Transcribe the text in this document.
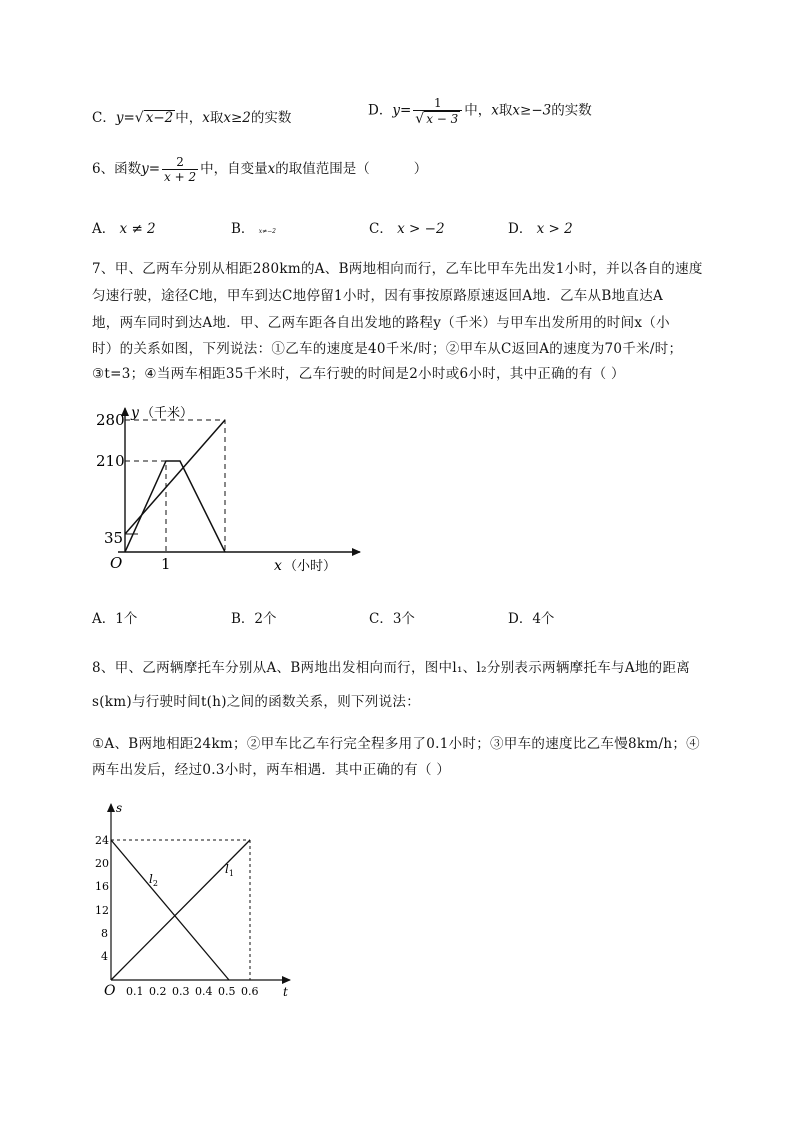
C．y=√ x−2 中，x取x≥2的实数	D．$y= \frac{1}{√ x - 3}$ 中，x取x≥−3的实数
6、函数$y= \frac{2}{x + 2}$ 中，自变量x的取值范围是（	）
A． x ≠ 2	B． x≠−2	C． x > −2	D． x > 2
7、甲、乙两车分别从相距280km的A、B两地相向而行，乙车比甲车先出发1小时，并以各自的速度
匀速行驶，途径C地，甲车到达C地停留1小时，因有事按原路原速返回A地．乙车从B地直达A
地，两车同时到达A地．甲、乙两车距各自出发地的路程y（千米）与甲车出发所用的时间x（小
时）的关系如图，下列说法：①乙车的速度是40千米/时；②甲车从C返回A的速度为70千米/时；
③t=3；④当两车相距35千米时，乙车行驶的时间是2小时或6小时，其中正确的有（ ）
280
210
35
O	1
y （千米）
x （小时）
A．1个	B．2个	C．3个	D．4个
8、甲、乙两辆摩托车分别从A、B两地出发相向而行，图中l₁、l₂分别表示两辆摩托车与A地的距离
s(km)与行驶时间t(h)之间的函数关系，则下列说法：
①A、B两地相距24km；②甲车比乙车行完全程多用了0.1小时；③甲车的速度比乙车慢8km/h；④
两车出发后，经过0.3小时，两车相遇．其中正确的有（ ）
24
20
16
12
8
4
O 0.1 0.2 0.3 0.4 0.5 0.6
s
t
$l_1$
$l_2$
